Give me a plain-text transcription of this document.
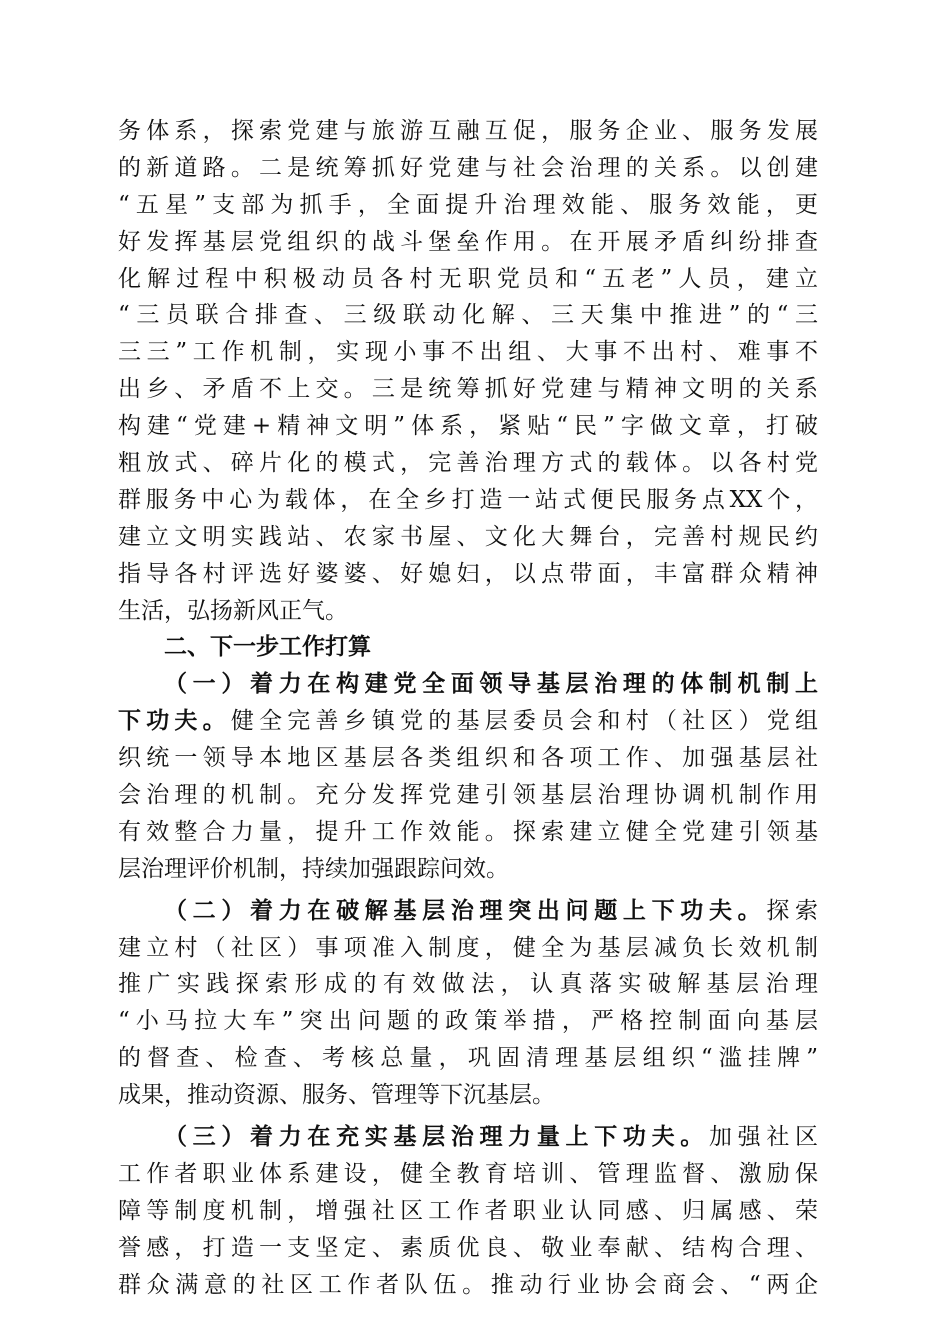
务体系，探索党建与旅游互融互促，服务企业、服务发展
的新道路。二是统筹抓好党建与社会治理的关系。以创建
“五星”支部为抓手，全面提升治理效能、服务效能，更
好发挥基层党组织的战斗堡垒作用。在开展矛盾纠纷排查
化解过程中积极动员各村无职党员和“五老”人员，建立
“三员联合排查、三级联动化解、三天集中推进”的“三
三三”工作机制，实现小事不出组、大事不出村、难事不
出乡、矛盾不上交。三是统筹抓好党建与精神文明的关系
构建“党建+精神文明”体系，紧贴“民”字做文章，打破
粗放式、碎片化的模式，完善治理方式的载体。以各村党
群服务中心为载体，在全乡打造一站式便民服务点XX个，
建立文明实践站、农家书屋、文化大舞台，完善村规民约
指导各村评选好婆婆、好媳妇，以点带面，丰富群众精神
生活，弘扬新风正气。
二、下一步工作打算
（一）着力在构建党全面领导基层治理的体制机制上
下功夫。健全完善乡镇党的基层委员会和村（社区）党组
织统一领导本地区基层各类组织和各项工作、加强基层社
会治理的机制。充分发挥党建引领基层治理协调机制作用
有效整合力量，提升工作效能。探索建立健全党建引领基
层治理评价机制，持续加强跟踪问效。
（二）着力在破解基层治理突出问题上下功夫。探索
建立村（社区）事项准入制度，健全为基层减负长效机制
推广实践探索形成的有效做法，认真落实破解基层治理
“小马拉大车”突出问题的政策举措，严格控制面向基层
的督查、检查、考核总量，巩固清理基层组织“滥挂牌”
成果，推动资源、服务、管理等下沉基层。
（三）着力在充实基层治理力量上下功夫。加强社区
工作者职业体系建设，健全教育培训、管理监督、激励保
障等制度机制，增强社区工作者职业认同感、归属感、荣
誉感，打造一支坚定、素质优良、敬业奉献、结构合理、
群众满意的社区工作者队伍。推动行业协会商会、“两企
